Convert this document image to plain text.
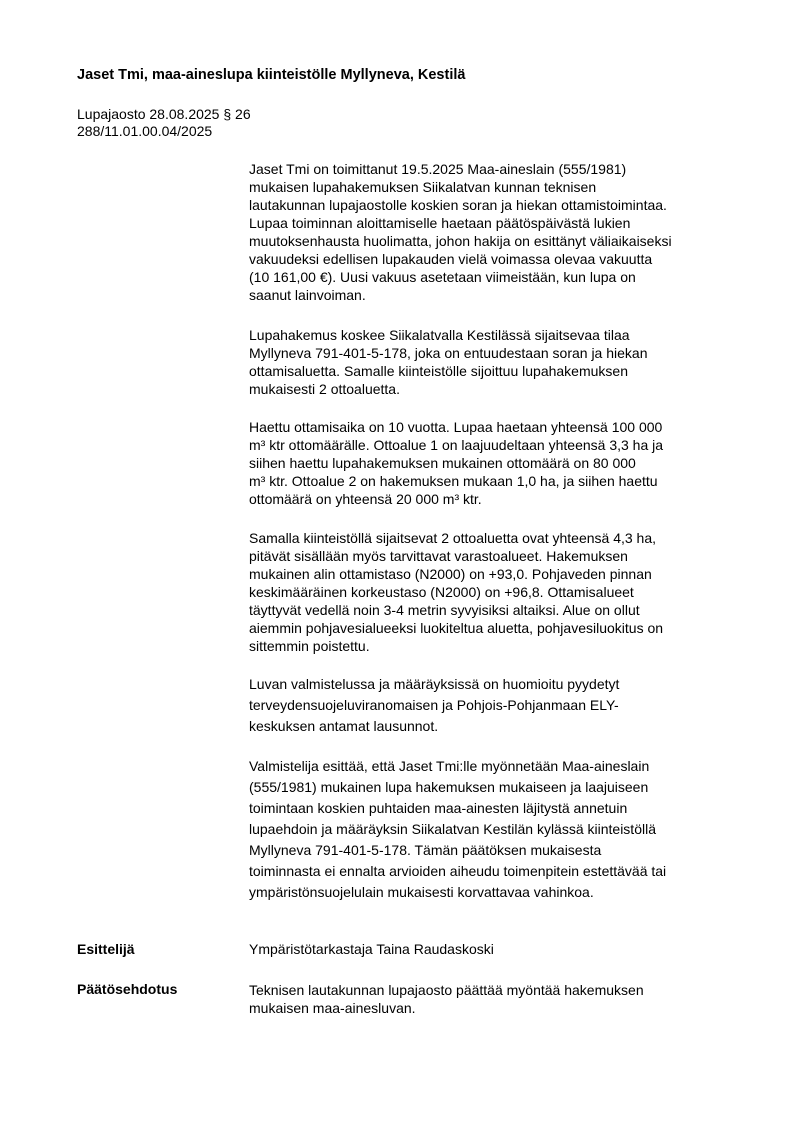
Jaset Tmi, maa-aineslupa kiinteistölle Myllyneva, Kestilä

Lupajaosto 28.08.2025 § 26

288/11.01.00.04/2025

Jaset Tmi on toimittanut 19.5.2025 Maa-aineslain (555/1981)
mukaisen lupahakemuksen Siikalatvan kunnan teknisen
lautakunnan lupajaostolle koskien soran ja hiekan ottamistoimintaa.
Lupaa toiminnan aloittamiselle haetaan päätöspäivästä lukien
muutoksenhausta huolimatta, johon hakija on esittänyt väliaikaiseksi
vakuudeksi edellisen lupakauden vielä voimassa olevaa vakuutta
(10 161,00 €). Uusi vakuus asetetaan viimeistään, kun lupa on
saanut lainvoiman.

Lupahakemus koskee Siikalatvalla Kestilässä sijaitsevaa tilaa
Myllyneva 791-401-5-178, joka on entuudestaan soran ja hiekan
ottamisaluetta. Samalle kiinteistölle sijoittuu lupahakemuksen
mukaisesti 2 ottoaluetta.

Haettu ottamisaika on 10 vuotta. Lupaa haetaan yhteensä 100 000
m³ ktr ottomäärälle. Ottoalue 1 on laajuudeltaan yhteensä 3,3 ha ja
siihen haettu lupahakemuksen mukainen ottomäärä on 80 000
m³ ktr. Ottoalue 2 on hakemuksen mukaan 1,0 ha, ja siihen haettu
ottomäärä on yhteensä 20 000 m³ ktr.

Samalla kiinteistöllä sijaitsevat 2 ottoaluetta ovat yhteensä 4,3 ha,
pitävät sisällään myös tarvittavat varastoalueet. Hakemuksen
mukainen alin ottamistaso (N2000) on +93,0. Pohjaveden pinnan
keskimääräinen korkeustaso (N2000) on +96,8. Ottamisalueet
täyttyvät vedellä noin 3-4 metrin syvyisiksi altaiksi. Alue on ollut
aiemmin pohjavesialueeksi luokiteltua aluetta, pohjavesiluokitus on
sittemmin poistettu.

Luvan valmistelussa ja määräyksissä on huomioitu pyydetyt
terveydensuojeluviranomaisen ja Pohjois-Pohjanmaan ELY-
keskuksen antamat lausunnot.

Valmistelija esittää, että Jaset Tmi:lle myönnetään Maa-aineslain
(555/1981) mukainen lupa hakemuksen mukaiseen ja laajuiseen
toimintaan koskien puhtaiden maa-ainesten läjitystä annetuin
lupaehdoin ja määräyksin Siikalatvan Kestilän kylässä kiinteistöllä
Myllyneva 791-401-5-178. Tämän päätöksen mukaisesta
toiminnasta ei ennalta arvioiden aiheudu toimenpitein estettävää tai
ympäristönsuojelulain mukaisesti korvattavaa vahinkoa.

Esittelijä	Ympäristötarkastaja Taina Raudaskoski

Päätösehdotus	Teknisen lautakunnan lupajaosto päättää myöntää hakemuksen
mukaisen maa-ainesluvan.
